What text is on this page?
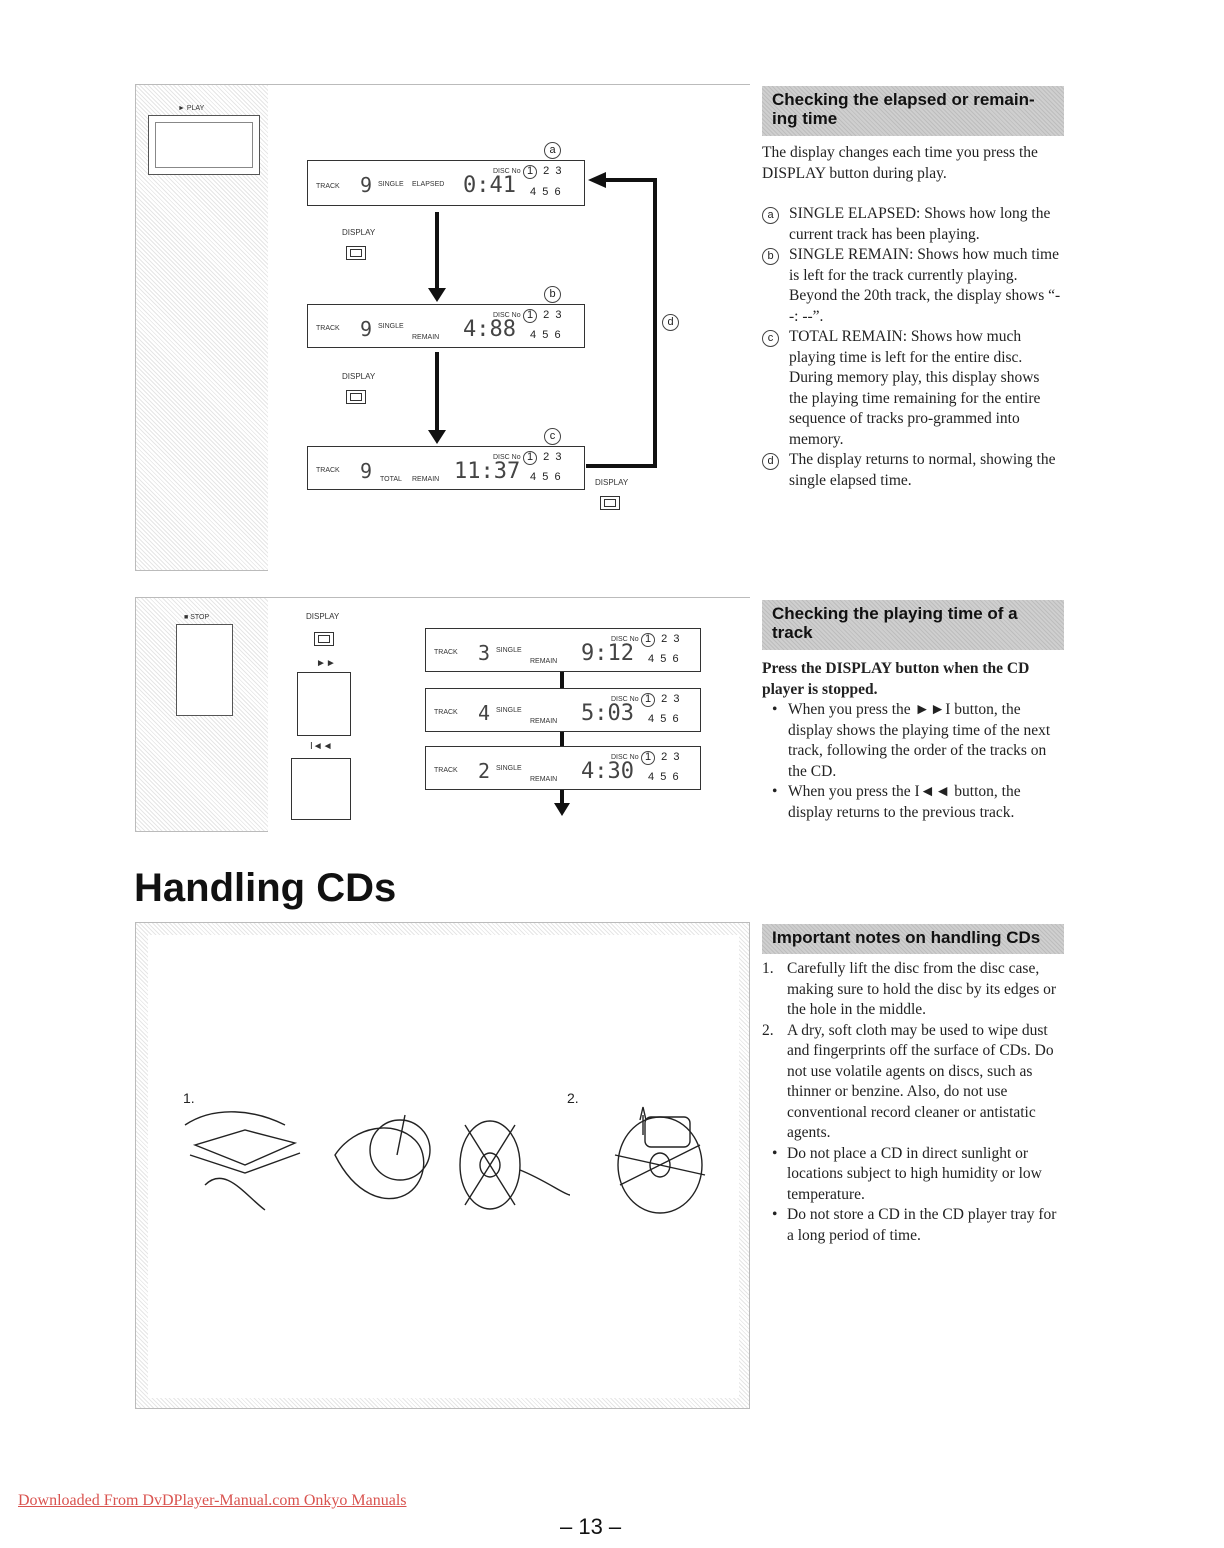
► PLAY
a
TRACK 9 SINGLE ELAPSED 0:41
DISC No 1 2 3
4 5 6
DISPLAY
b
TRACK 9 SINGLE
REMAIN 4:88
DISC No 1 2 3
4 5 6
DISPLAY
c
TRACK 9 TOTAL REMAIN 11:37
DISC No 1 2 3
4 5 6	DISPLAY
d
Checking the elapsed or remain-ing time

The display changes each time you press the DISPLAY button during play.

a SINGLE ELAPSED: Shows how long the current track has been playing.
b SINGLE REMAIN: Shows how much time is left for the track currently playing. Beyond the 20th track, the display shows “--: --”.
c	TOTAL REMAIN: Shows how much playing time is left for the entire disc. During memory play, this display shows the playing time remaining for the entire sequence of tracks pro-grammed into memory.
d The display returns to normal, showing the single elapsed time.
■ STOP	DISPLAY
►►
I◄◄
TRACK 3 SINGLE
REMAIN 9:12
DISC No 1 2 3
4 5 6
TRACK 4 SINGLE
REMAIN 5:03
DISC No 1 2 3
4 5 6
TRACK 2 SINGLE
REMAIN 4:30
DISC No 1 2 3
4 5 6
Checking the playing time of a track

Press the DISPLAY button when the CD player is stopped.

• When you press the ►►I button, the display shows the playing time of the next track, following the order of the tracks on the CD.
• When you press the I◄◄ button, the display returns to the previous track.
Handling CDs
1.	2.
Important notes on handling CDs
1. Carefully lift the disc from the disc case, making sure to hold the disc by its edges or the hole in the middle.
2. A dry, soft cloth may be used to wipe dust and fingerprints off the surface of CDs. Do not use volatile agents on discs, such as thinner or benzine. Also, do not use conventional record cleaner or antistatic agents.
• Do not place a CD in direct sunlight or locations subject to high humidity or low temperature.
• Do not store a CD in the CD player tray for a long period of time.
Downloaded From DvDPlayer-Manual.com Onkyo Manuals
– 13 –
